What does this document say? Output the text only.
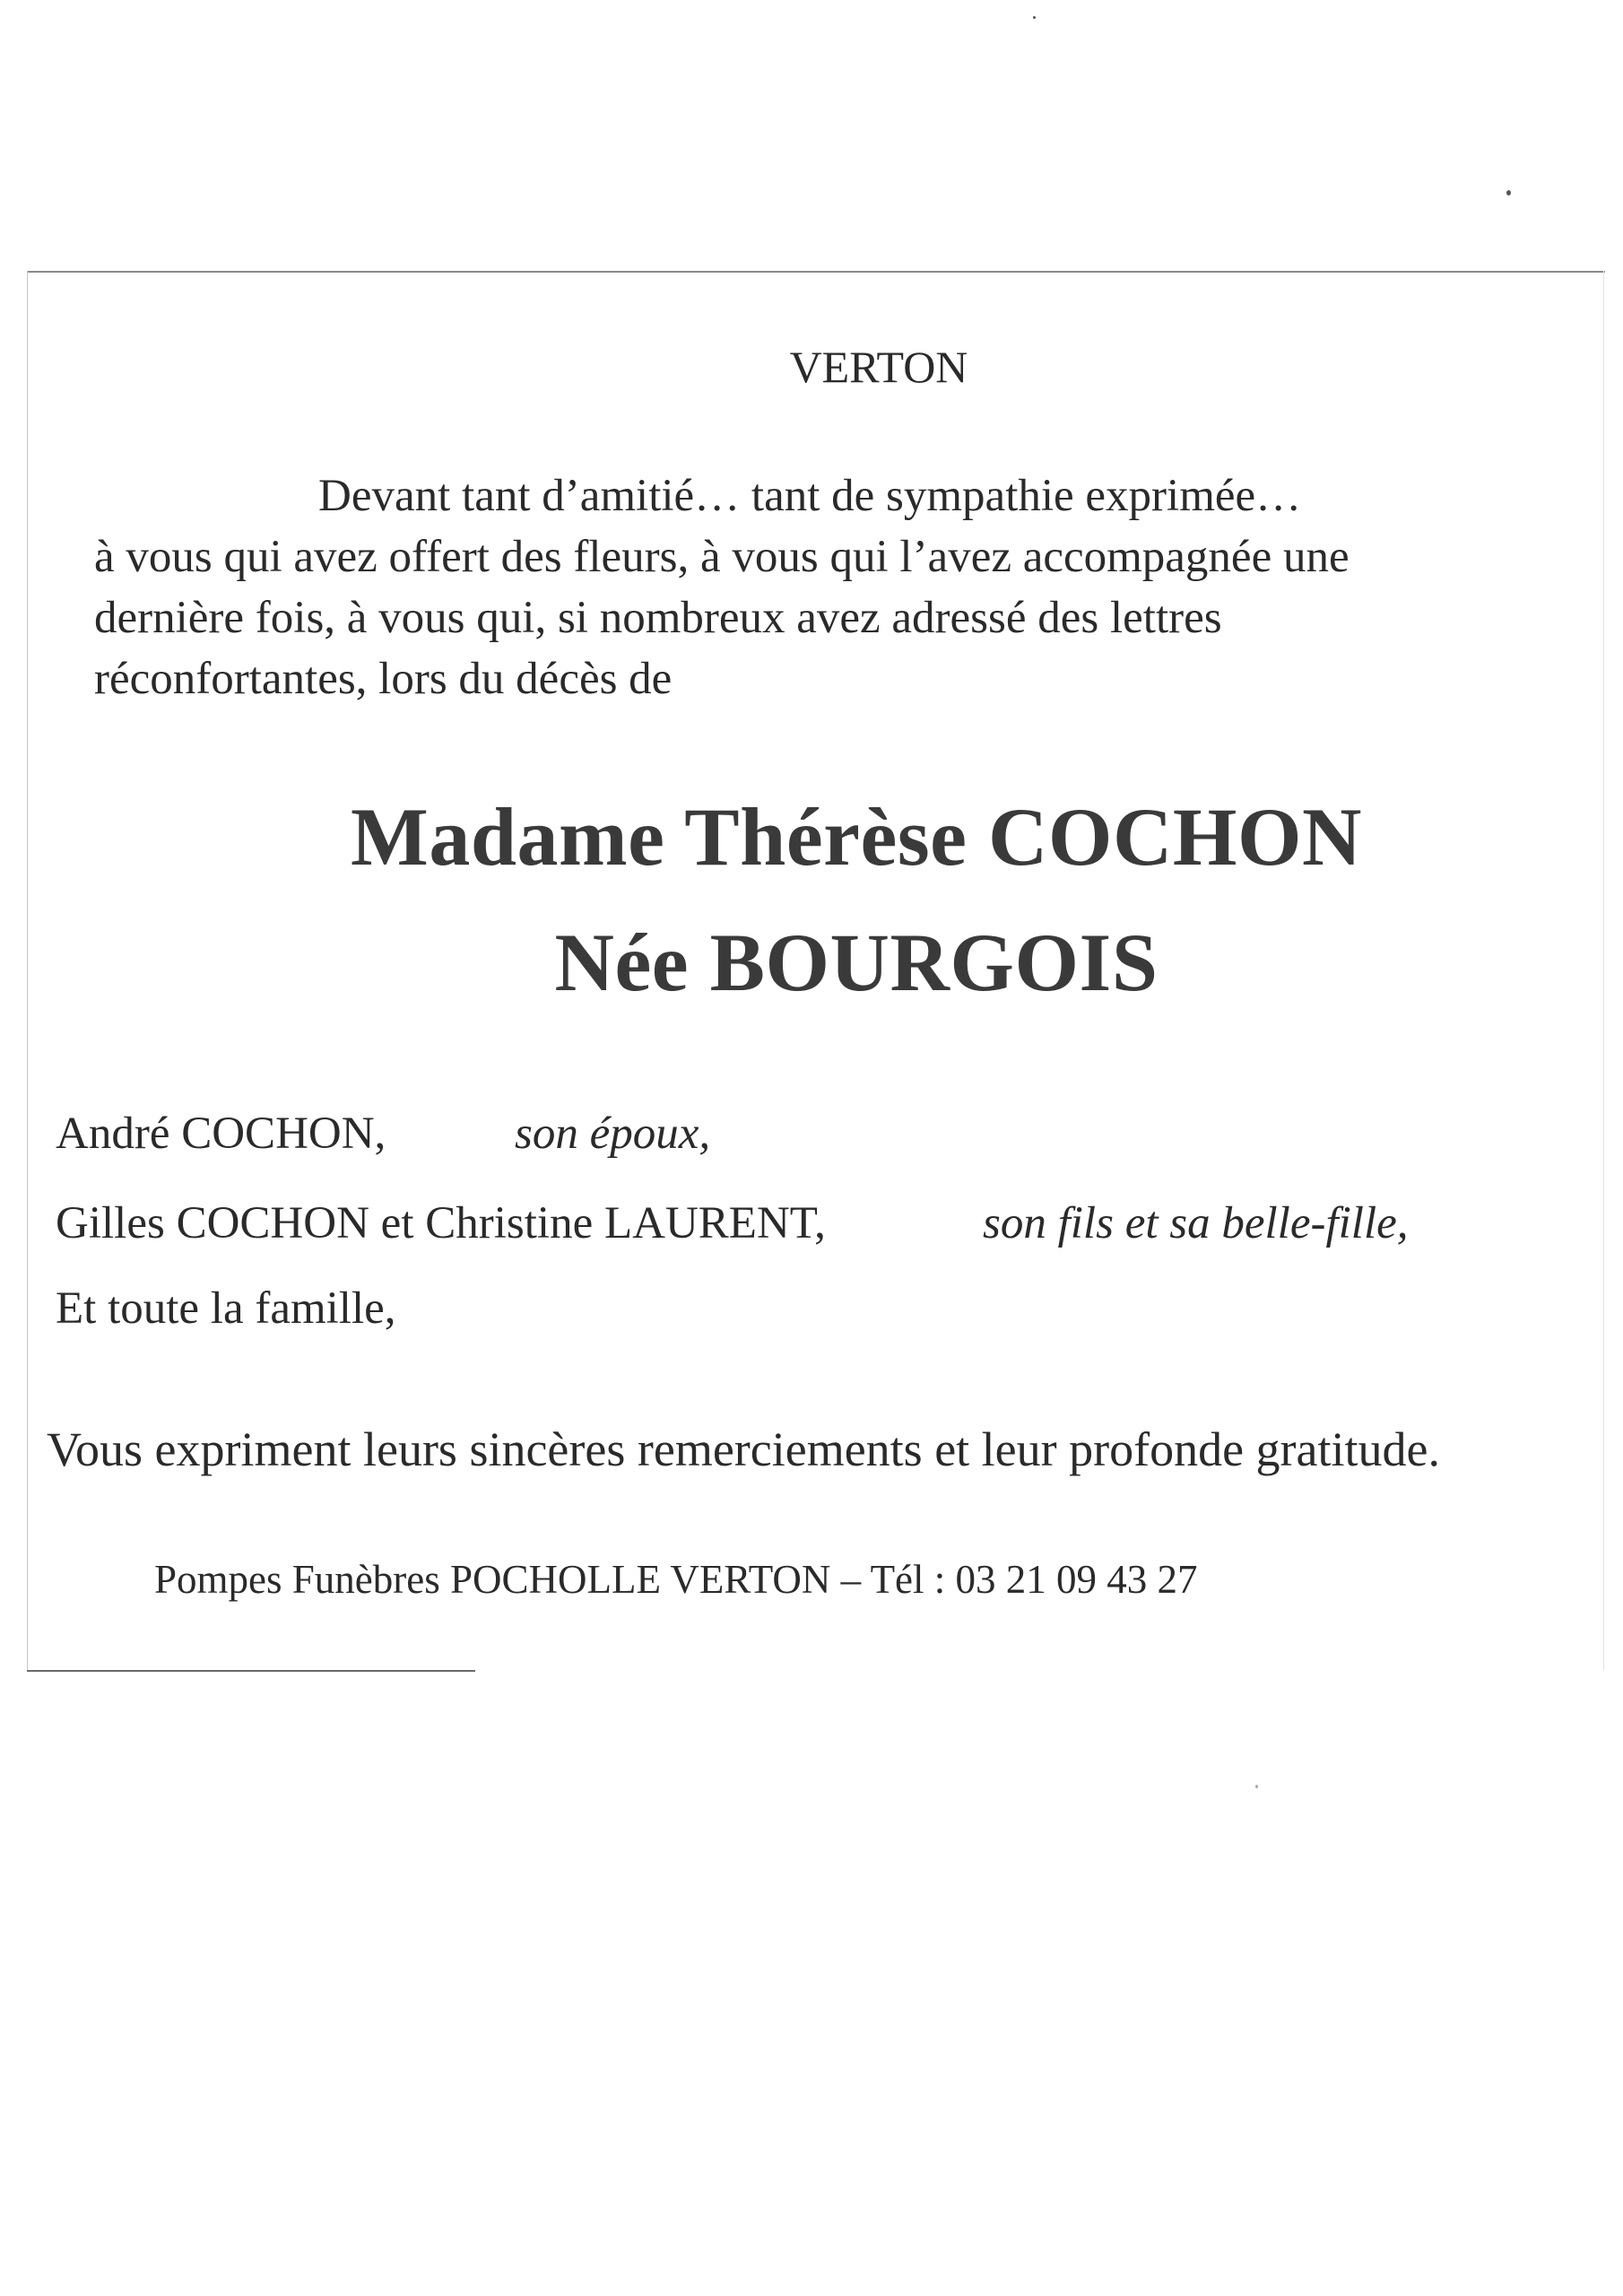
VERTON
Devant tant d’amitié… tant de sympathie exprimée…
à vous qui avez offert des fleurs, à vous qui l’avez accompagnée une
dernière fois, à vous qui, si nombreux avez adressé des lettres
réconfortantes, lors du décès de
Madame Thérèse COCHON
Née BOURGOIS
André COCHON,	son époux,
Gilles COCHON et Christine LAURENT,	son fils et sa belle-fille,
Et toute la famille,
Vous expriment leurs sincères remerciements et leur profonde gratitude.
Pompes Funèbres POCHOLLE VERTON – Tél : 03 21 09 43 27
